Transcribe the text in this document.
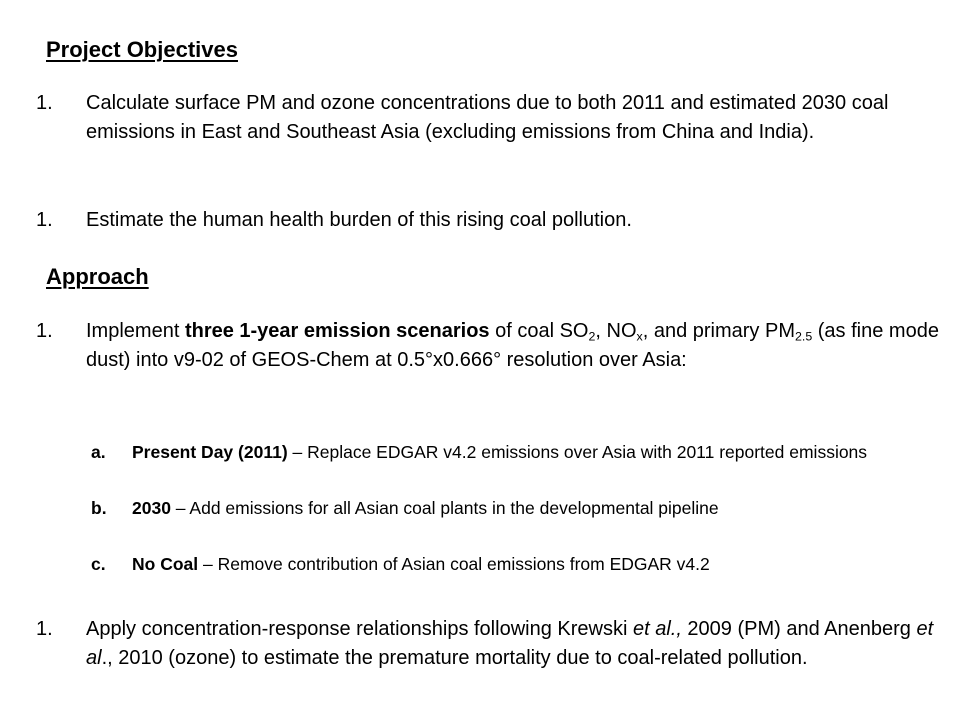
Project Objectives
1. Calculate surface PM and ozone concentrations due to both 2011 and estimated 2030 coal emissions in East and Southeast Asia (excluding emissions from China and India).
1. Estimate the human health burden of this rising coal pollution.
Approach
1. Implement three 1-year emission scenarios of coal $SO_2$, $NO_x$, and primary $PM_{2.5}$ (as fine mode dust) into v9-02 of GEOS-Chem at 0.5°x0.666° resolution over Asia:
a. Present Day (2011) – Replace EDGAR v4.2 emissions over Asia with 2011 reported emissions
b. 2030 – Add emissions for all Asian coal plants in the developmental pipeline
c. No Coal – Remove contribution of Asian coal emissions from EDGAR v4.2
1. Apply concentration-response relationships following Krewski et al., 2009 (PM) and Anenberg et al., 2010 (ozone) to estimate the premature mortality due to coal-related pollution.
